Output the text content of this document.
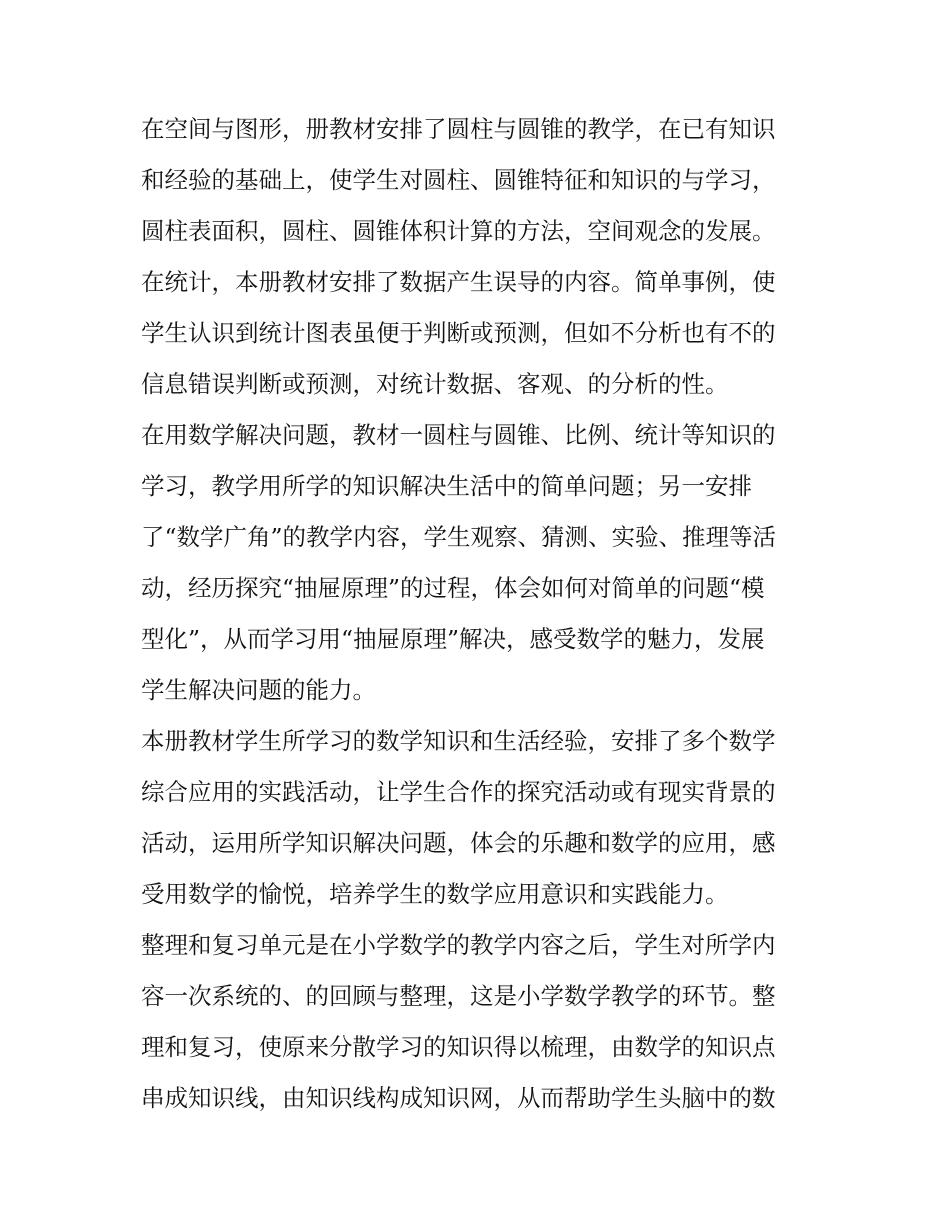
在空间与图形，册教材安排了圆柱与圆锥的教学，在已有知识
和经验的基础上，使学生对圆柱、圆锥特征和知识的与学习，
圆柱表面积，圆柱、圆锥体积计算的方法，空间观念的发展。
在统计，本册教材安排了数据产生误导的内容。简单事例，使
学生认识到统计图表虽便于判断或预测，但如不分析也有不的
信息错误判断或预测，对统计数据、客观、的分析的性。
在用数学解决问题，教材一圆柱与圆锥、比例、统计等知识的
学习，教学用所学的知识解决生活中的简单问题；另一安排
了“数学广角”的教学内容，学生观察、猜测、实验、推理等活
动，经历探究“抽屉原理”的过程，体会如何对简单的问题“模
型化”，从而学习用“抽屉原理”解决，感受数学的魅力，发展
学生解决问题的能力。
本册教材学生所学习的数学知识和生活经验，安排了多个数学
综合应用的实践活动，让学生合作的探究活动或有现实背景的
活动，运用所学知识解决问题，体会的乐趣和数学的应用，感
受用数学的愉悦，培养学生的数学应用意识和实践能力。
整理和复习单元是在小学数学的教学内容之后，学生对所学内
容一次系统的、的回顾与整理，这是小学数学教学的环节。整
理和复习，使原来分散学习的知识得以梳理，由数学的知识点
串成知识线，由知识线构成知识网，从而帮助学生头脑中的数
